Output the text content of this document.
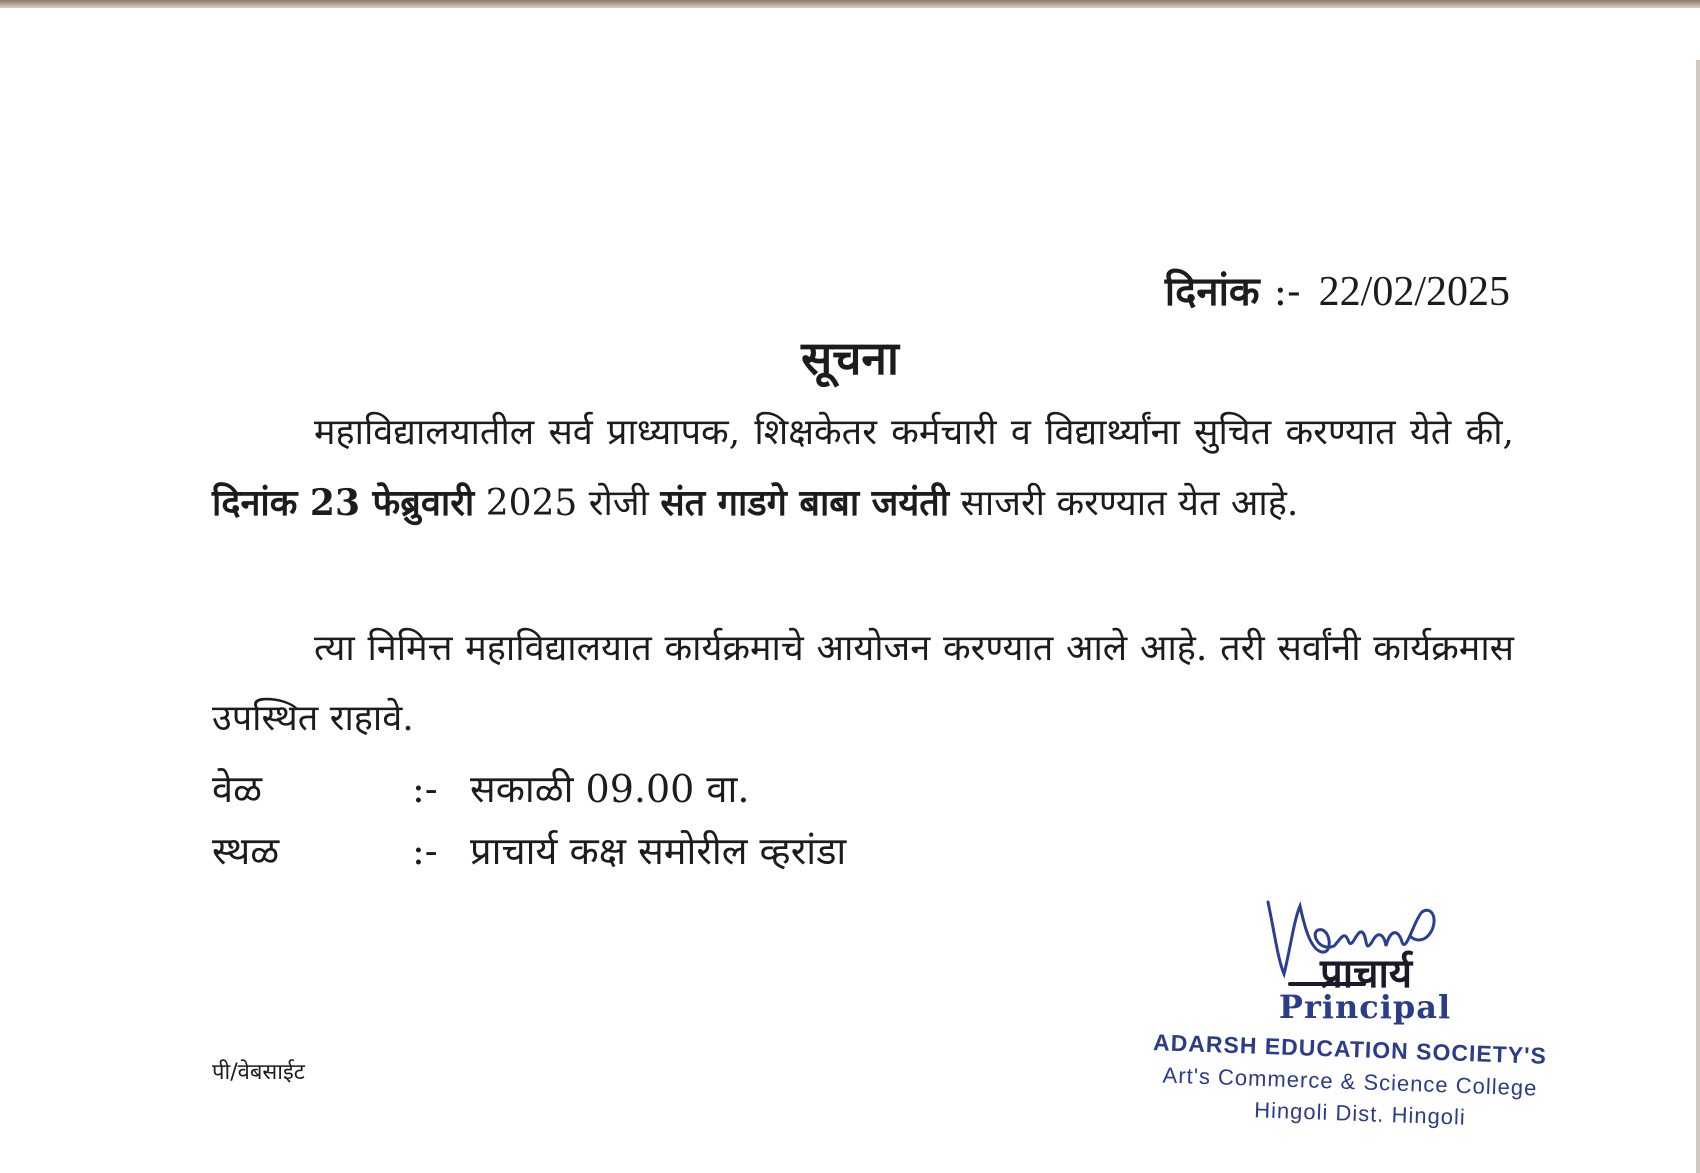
दिनांक :- 22/02/2025
सूचना
महाविद्यालयातील सर्व प्राध्यापक, शिक्षकेतर कर्मचारी व विद्यार्थ्यांना सुचित करण्यात येते की, दिनांक 23 फेब्रुवारी 2025 रोजी संत गाडगे बाबा जयंती साजरी करण्यात येत आहे.
त्या निमित्त महाविद्यालयात कार्यक्रमाचे आयोजन करण्यात आले आहे. तरी सर्वांनी कार्यक्रमास उपस्थित राहावे.
वेळ	:- सकाळी 09.00 वा.
स्थळ	:- प्राचार्य कक्ष समोरील व्हरांडा
पी/वेबसाईट
प्राचार्य
Principal
ADARSH EDUCATION SOCIETY'S
Art's Commerce & Science College
Hingoli Dist. Hingoli
